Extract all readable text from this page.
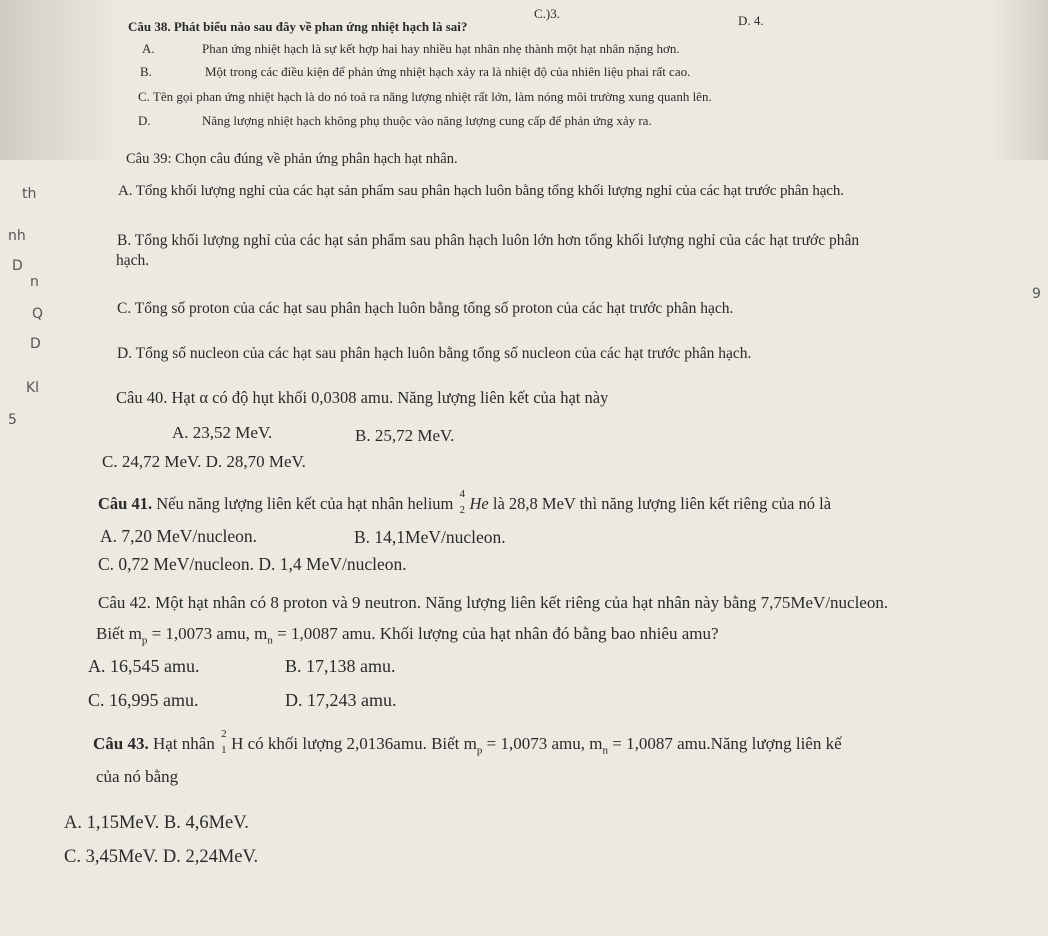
C.)3.	D. 4.
Câu 38. Phát biểu nào sau đây về phan ứng nhiệt hạch là sai?
A.	Phan ứng nhiệt hạch là sự kết hợp hai hay nhiều hạt nhân nhẹ thành một hạt nhân nặng hơn.
B.	Một trong các điều kiện để phản ứng nhiệt hạch xảy ra là nhiệt độ của nhiên liệu phai rất cao.
C. Tên gọi phan ứng nhiệt hạch là do nó toả ra năng lượng nhiệt rất lớn, làm nóng môi trường xung quanh lên.
D.	Năng lượng nhiệt hạch không phụ thuộc vào năng lượng cung cấp để phản ứng xảy ra.
Câu 39: Chọn câu đúng về phản ứng phân hạch hạt nhân.
A. Tổng khối lượng nghỉ của các hạt sản phẩm sau phân hạch luôn bằng tổng khối lượng nghỉ của các hạt trước phân hạch.
B. Tổng khối lượng nghỉ của các hạt sản phẩm sau phân hạch luôn lớn hơn tổng khối lượng nghỉ của các hạt trước phân
hạch.
C. Tổng số proton của các hạt sau phân hạch luôn bằng tổng số proton của các hạt trước phân hạch.
D. Tổng số nucleon của các hạt sau phân hạch luôn bằng tổng số nucleon của các hạt trước phân hạch.
Câu 40. Hạt α có độ hụt khối 0,0308 amu. Năng lượng liên kết của hạt này
A. 23,52 MeV.	B. 25,72 MeV.
C. 24,72 MeV. D. 28,70 MeV.
Câu 41. Nếu năng lượng liên kết của hạt nhân helium 4
2 He là 28,8 MeV thì năng lượng liên kết riêng của nó là
A. 7,20 MeV/nucleon.	B. 14,1MeV/nucleon.
C. 0,72 MeV/nucleon. D. 1,4 MeV/nucleon.
Câu 42. Một hạt nhân có 8 proton và 9 neutron. Năng lượng liên kết riêng của hạt nhân này bằng 7,75MeV/nucleon.
Biết $m_p = 1,0073$ amu, $m_n = 1,0087$ amu. Khối lượng của hạt nhân đó bằng bao nhiêu amu?
A. 16,545 amu.	B. 17,138 amu.
C. 16,995 amu.	D. 17,243 amu.
Câu 43. Hạt nhân 2
1 H có khối lượng 2,0136amu. Biết $m_p = 1,0073$ amu, $m_n = 1,0087$ amu.Năng lượng liên kế
của nó bằng
A. 1,15MeV. B. 4,6MeV.
C. 3,45MeV. D. 2,24MeV.
th
nh
D
n
Q
D
Kl
5
9
